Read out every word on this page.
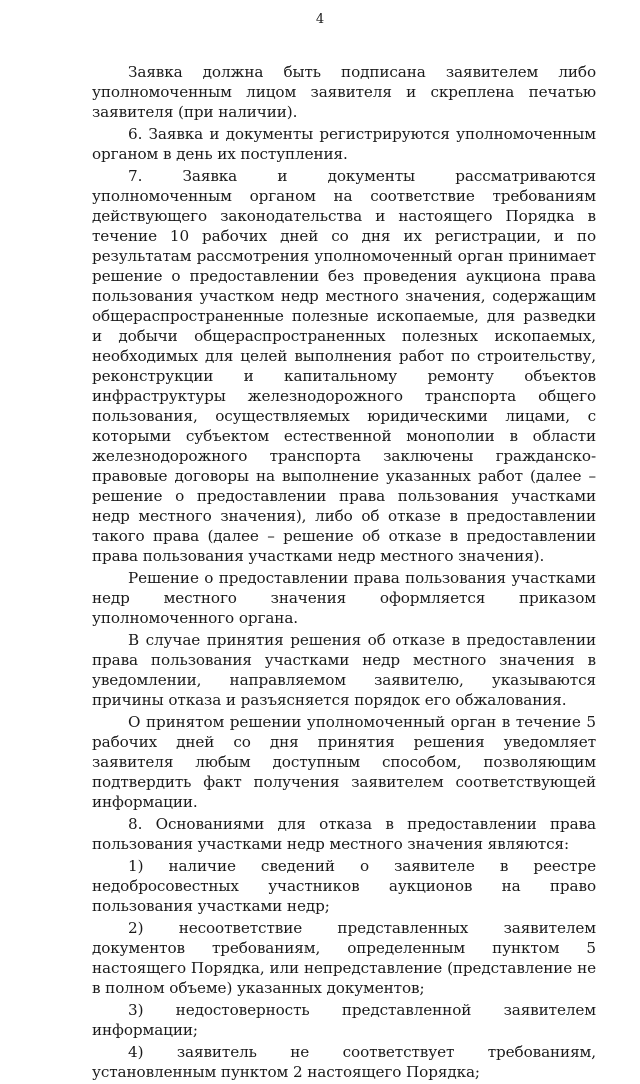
4

Заявка должна быть подписана заявителем либо уполномоченным лицом заявителя и скреплена печатью заявителя (при наличии).

6. Заявка и документы регистрируются уполномоченным органом в день их поступления.

7. Заявка и документы рассматриваются уполномоченным органом на соответствие требованиям действующего законодательства и настоящего Порядка в течение 10 рабочих дней со дня их регистрации, и по результатам рассмотрения уполномоченный орган принимает решение о предоставлении без проведения аукциона права пользования участком недр местного значения, содержащим общераспространенные полезные ископаемые, для разведки и добычи общераспространенных полезных ископаемых, необходимых для целей выполнения работ по строительству, реконструкции и капитальному ремонту объектов инфраструктуры железнодорожного транспорта общего пользования, осуществляемых юридическими лицами, с которыми субъектом естественной монополии в области железнодорожного транспорта заключены гражданско-правовые договоры на выполнение указанных работ (далее – решение о предоставлении права пользования участками недр местного значения), либо об отказе в предоставлении такого права (далее – решение об отказе в предоставлении права пользования участками недр местного значения).

Решение о предоставлении права пользования участками недр местного значения оформляется приказом уполномоченного органа.

В случае принятия решения об отказе в предоставлении права пользования участками недр местного значения в уведомлении, направляемом заявителю, указываются причины отказа и разъясняется порядок его обжалования.

О принятом решении уполномоченный орган в течение 5 рабочих дней со дня принятия решения уведомляет заявителя любым доступным способом, позволяющим подтвердить факт получения заявителем соответствующей информации.

8. Основаниями для отказа в предоставлении права пользования участками недр местного значения являются:

1) наличие сведений о заявителе в реестре недобросовестных участников аукционов на право пользования участками недр;

2) несоответствие представленных заявителем документов требованиям, определенным пунктом 5 настоящего Порядка, или непредставление (представление не в полном объеме) указанных документов;

3) недостоверность представленной заявителем информации;

4) заявитель не соответствует требованиям, установленным пунктом 2 настоящего Порядка;
